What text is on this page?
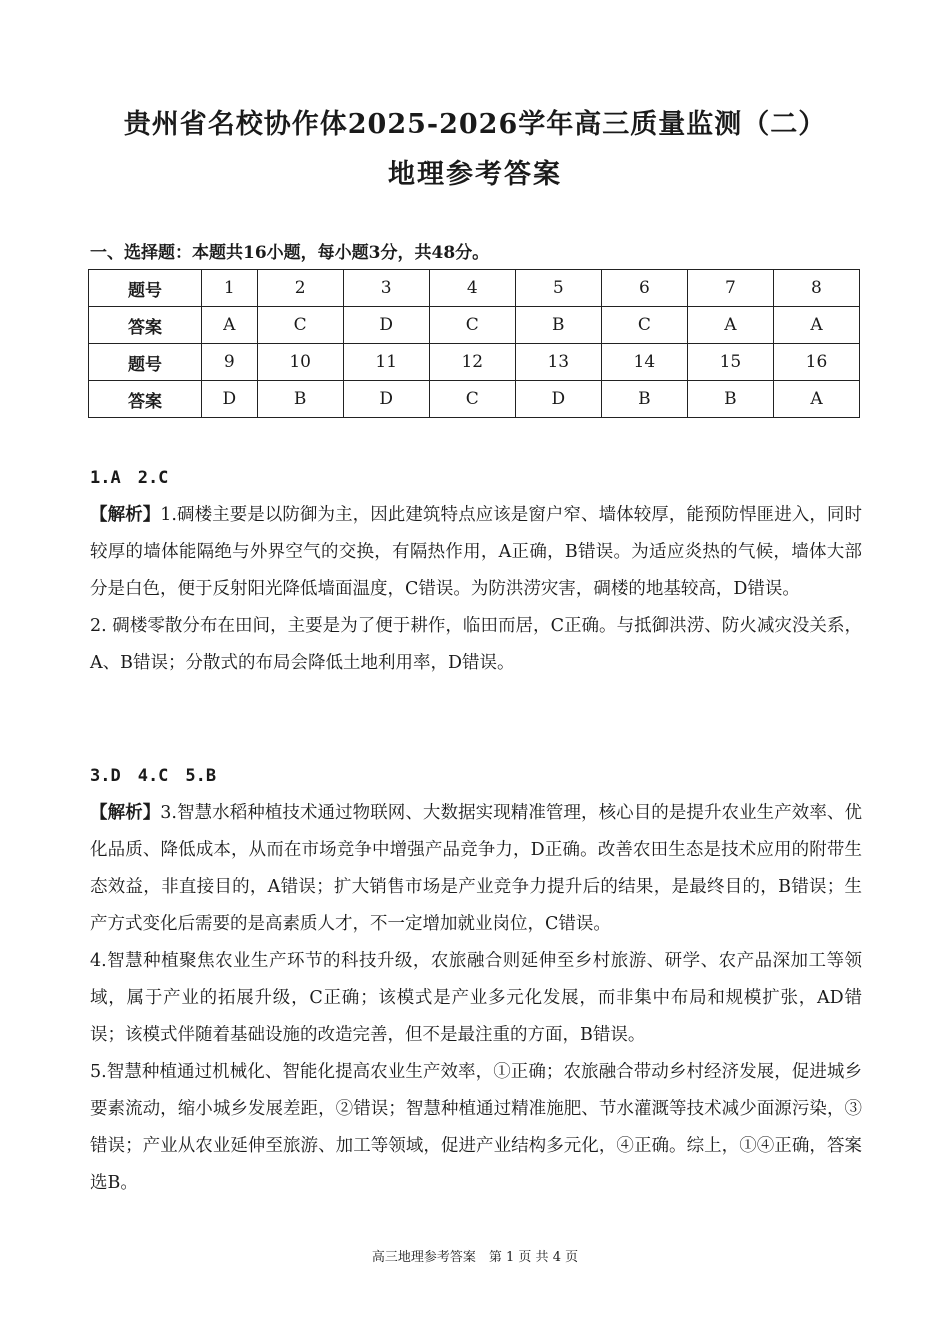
贵州省名校协作体2025-2026学年高三质量监测（二）
地理参考答案
一、选择题：本题共16小题，每小题3分，共48分。
题号	1	2	3	4	5	6	7	8
答案	A	C	D	C	B	C	A	A
题号	9	10	11	12	13	14	15	16
答案	D	B	D	C	D	B	B	A
1.A　2.C
【解析】1.碉楼主要是以防御为主，因此建筑特点应该是窗户窄、墙体较厚，能预防悍匪进入，同时较厚的墙体能隔绝与外界空气的交换，有隔热作用，A正确，B错误。为适应炎热的气候，墙体大部分是白色，便于反射阳光降低墙面温度，C错误。为防洪涝灾害，碉楼的地基较高，D错误。
2. 碉楼零散分布在田间，主要是为了便于耕作，临田而居，C正确。与抵御洪涝、防火减灾没关系，A、B错误；分散式的布局会降低土地利用率，D错误。
3.D　4.C　5.B
【解析】3.智慧水稻种植技术通过物联网、大数据实现精准管理，核心目的是提升农业生产效率、优化品质、降低成本，从而在市场竞争中增强产品竞争力，D正确。改善农田生态是技术应用的附带生态效益，非直接目的，A错误；扩大销售市场是产业竞争力提升后的结果，是最终目的，B错误；生产方式变化后需要的是高素质人才，不一定增加就业岗位，C错误。
4.智慧种植聚焦农业生产环节的科技升级，农旅融合则延伸至乡村旅游、研学、农产品深加工等领域，属于产业的拓展升级，C正确；该模式是产业多元化发展，而非集中布局和规模扩张，AD错误；该模式伴随着基础设施的改造完善，但不是最注重的方面，B错误。
5.智慧种植通过机械化、智能化提高农业生产效率，①正确；农旅融合带动乡村经济发展，促进城乡要素流动，缩小城乡发展差距，②错误；智慧种植通过精准施肥、节水灌溉等技术减少面源污染，③错误；产业从农业延伸至旅游、加工等领域，促进产业结构多元化，④正确。综上，①④正确，答案选B。
高三地理参考答案　第 1 页 共 4 页
